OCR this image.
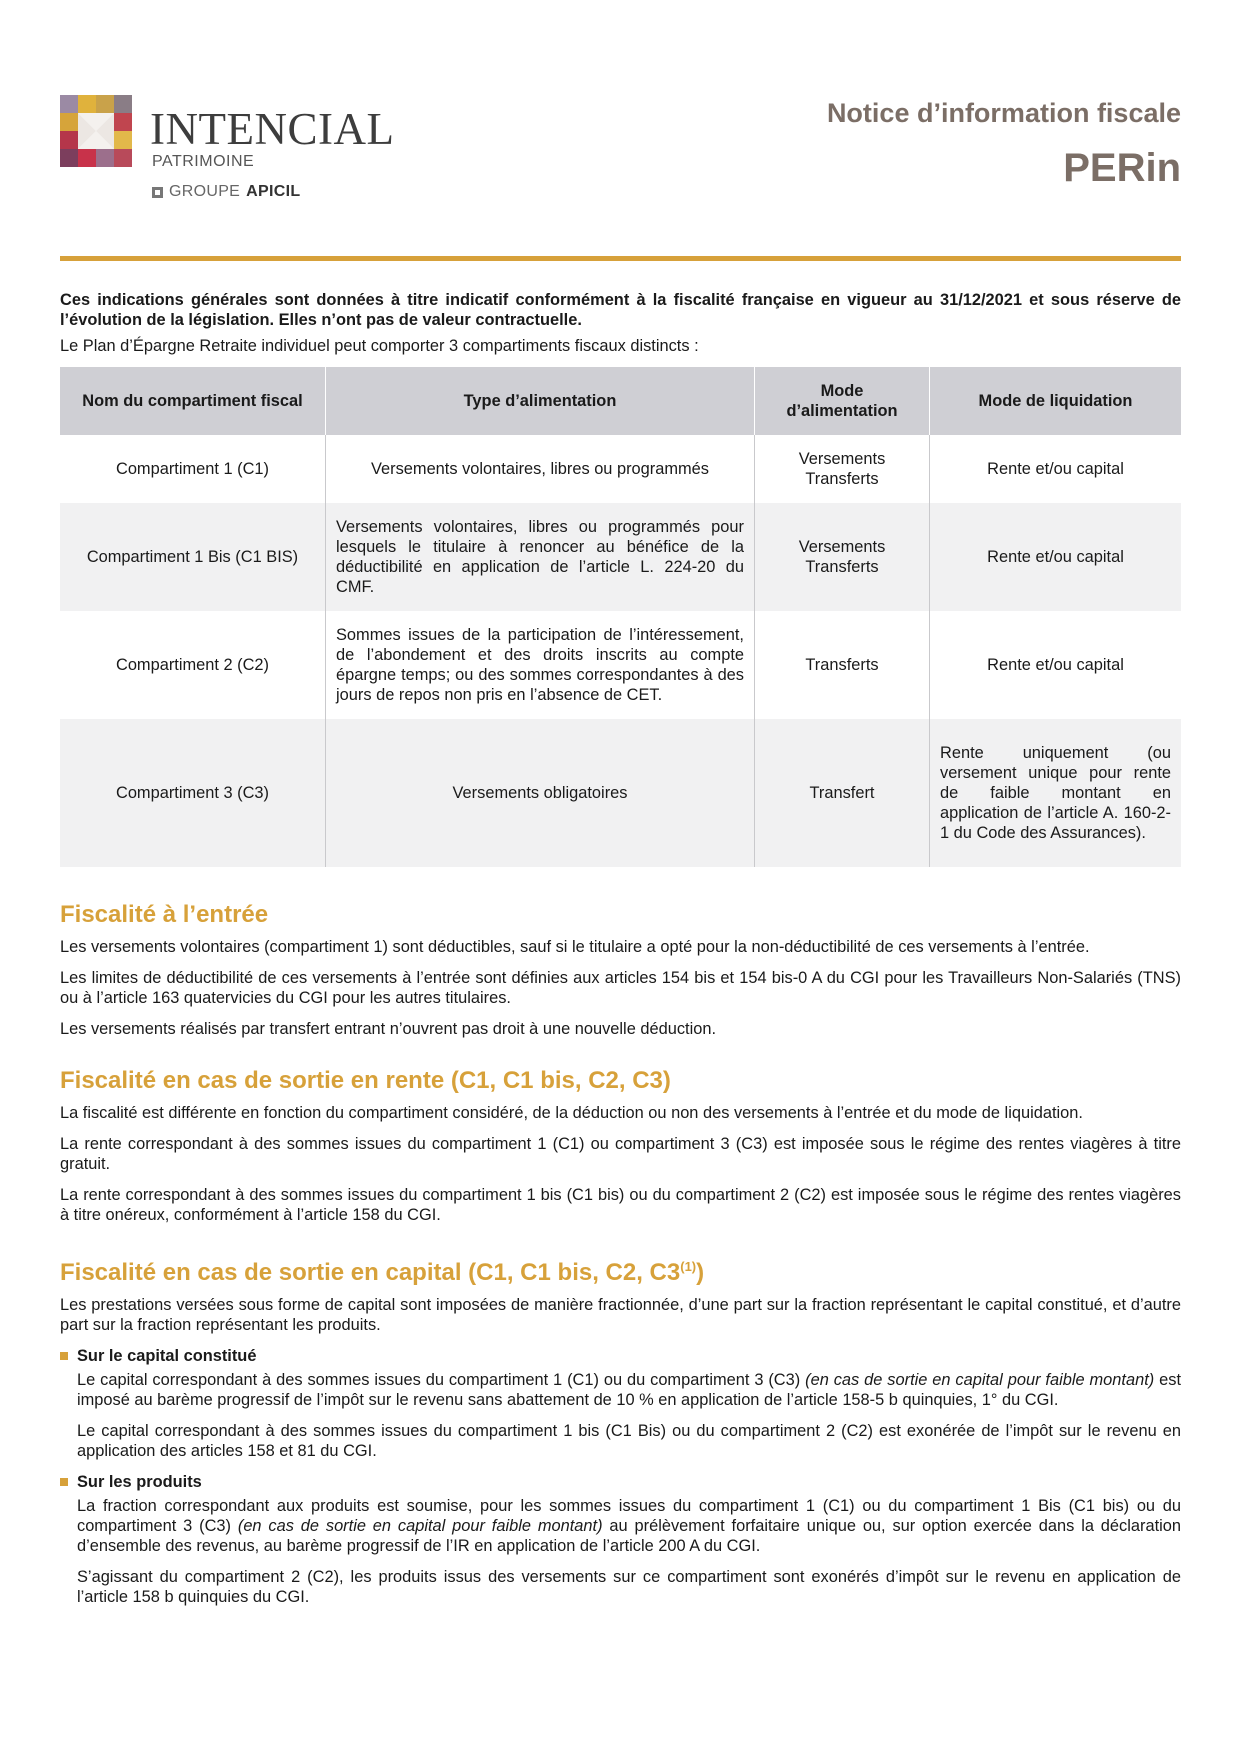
INTENCIAL
PATRIMOINE
GROUPE APICIL
Notice d’information fiscale
PERin

Ces indications générales sont données à titre indicatif conformément à la fiscalité française en vigueur au 31/12/2021 et sous réserve de l’évolution de la législation. Elles n’ont pas de valeur contractuelle.

Le Plan d’Épargne Retraite individuel peut comporter 3 compartiments fiscaux distincts :

Nom du compartiment fiscal	Type d’alimentation	Mode d’alimentation	Mode de liquidation
Compartiment 1 (C1)	Versements volontaires, libres ou programmés	Versements Transferts	Rente et/ou capital
Compartiment 1 Bis (C1 BIS)	Versements volontaires, libres ou programmés pour lesquels le titulaire à renoncer au bénéfice de la déductibilité en application de l’article L. 224-20 du CMF.	Versements Transferts	Rente et/ou capital
Compartiment 2 (C2)	Sommes issues de la participation de l’intéressement, de l’abondement et des droits inscrits au compte épargne temps; ou des sommes correspondantes à des jours de repos non pris en l’absence de CET.	Transferts	Rente et/ou capital
Compartiment 3 (C3)	Versements obligatoires	Transfert	Rente uniquement (ou versement unique pour rente de faible montant en application de l’article A. 160-2-1 du Code des Assurances).
Fiscalité à l’entrée

Les versements volontaires (compartiment 1) sont déductibles, sauf si le titulaire a opté pour la non-déductibilité de ces versements à l’entrée.

Les limites de déductibilité de ces versements à l’entrée sont définies aux articles 154 bis et 154 bis-0 A du CGI pour les Travailleurs Non-Salariés (TNS) ou à l’article 163 quatervicies du CGI pour les autres titulaires.

Les versements réalisés par transfert entrant n’ouvrent pas droit à une nouvelle déduction.

Fiscalité en cas de sortie en rente (C1, C1 bis, C2, C3)

La fiscalité est différente en fonction du compartiment considéré, de la déduction ou non des versements à l’entrée et du mode de liquidation.

La rente correspondant à des sommes issues du compartiment 1 (C1) ou compartiment 3 (C3) est imposée sous le régime des rentes viagères à titre gratuit.

La rente correspondant à des sommes issues du compartiment 1 bis (C1 bis) ou du compartiment 2 (C2) est imposée sous le régime des rentes viagères à titre onéreux, conformément à l’article 158 du CGI.

Fiscalité en cas de sortie en capital (C1, C1 bis, C2, C3$^{(1)}$)

Les prestations versées sous forme de capital sont imposées de manière fractionnée, d’une part sur la fraction représentant le capital constitué, et d’autre part sur la fraction représentant les produits.

Sur le capital constitué

Le capital correspondant à des sommes issues du compartiment 1 (C1) ou du compartiment 3 (C3) (en cas de sortie en capital pour faible montant) est imposé au barème progressif de l’impôt sur le revenu sans abattement de 10 % en application de l’article 158-5 b quinquies, 1° du CGI.

Le capital correspondant à des sommes issues du compartiment 1 bis (C1 Bis) ou du compartiment 2 (C2) est exonérée de l’impôt sur le revenu en application des articles 158 et 81 du CGI.

Sur les produits

La fraction correspondant aux produits est soumise, pour les sommes issues du compartiment 1 (C1) ou du compartiment 1 Bis (C1 bis) ou du compartiment 3 (C3) (en cas de sortie en capital pour faible montant) au prélèvement forfaitaire unique ou, sur option exercée dans la déclaration d’ensemble des revenus, au barème progressif de l’IR en application de l’article 200 A du CGI.

S’agissant du compartiment 2 (C2), les produits issus des versements sur ce compartiment sont exonérés d’impôt sur le revenu en application de l’article 158 b quinquies du CGI.
